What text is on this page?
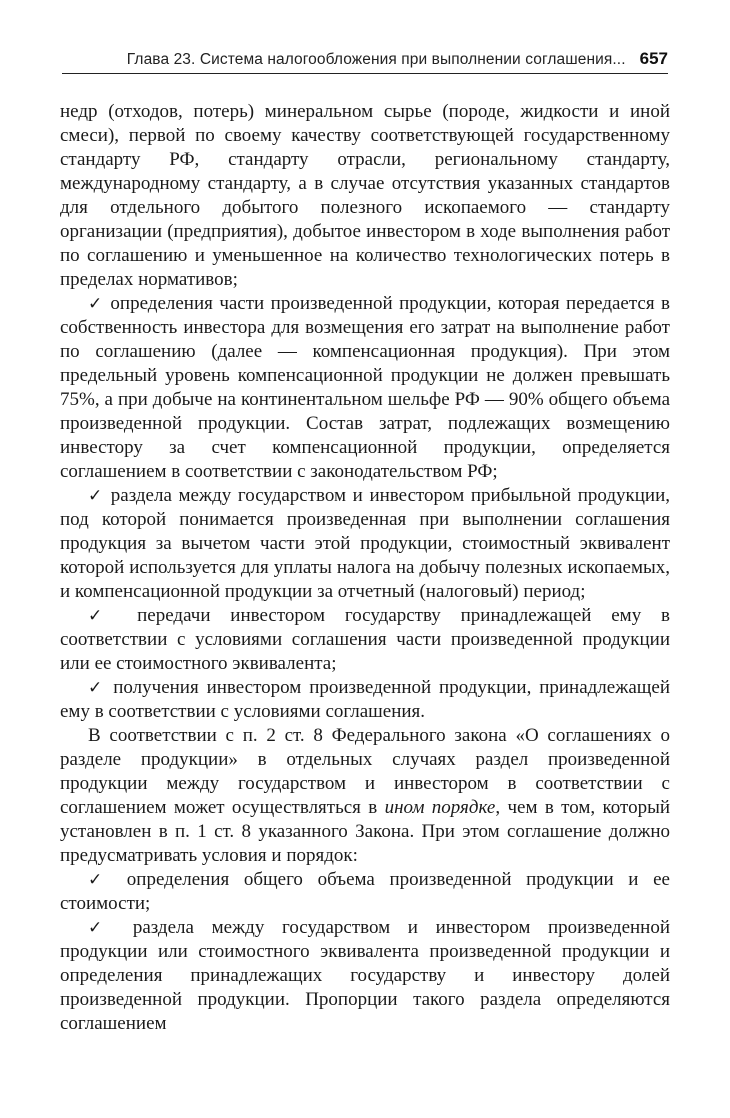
Глава 23. Система налогообложения при выполнении соглашения... 657

недр (отходов, потерь) минеральном сырье (породе, жидкости и иной смеси), первой по своему качеству соответствующей государственному стандарту РФ, стандарту отрасли, региональному стандарту, международному стандарту, а в случае отсутствия указанных стандартов для отдельного добытого полезного ископаемого — стандарту организации (предприятия), добытое инвестором в ходе выполнения работ по соглашению и уменьшенное на количество технологических потерь в пределах нормативов;

✓ определения части произведенной продукции, которая передается в собственность инвестора для возмещения его затрат на выполнение работ по соглашению (далее — компенсационная продукция). При этом предельный уровень компенсационной продукции не должен превышать 75%, а при добыче на континентальном шельфе РФ — 90% общего объема произведенной продукции. Состав затрат, подлежащих возмещению инвестору за счет компенсационной продукции, определяется соглашением в соответствии с законодательством РФ;

✓ раздела между государством и инвестором прибыльной продукции, под которой понимается произведенная при выполнении соглашения продукция за вычетом части этой продукции, стоимостный эквивалент которой используется для уплаты налога на добычу полезных ископаемых, и компенсационной продукции за отчетный (налоговый) период;

✓ передачи инвестором государству принадлежащей ему в соответствии с условиями соглашения части произведенной продукции или ее стоимостного эквивалента;

✓ получения инвестором произведенной продукции, принадлежащей ему в соответствии с условиями соглашения.

В соответствии с п. 2 ст. 8 Федерального закона «О соглашениях о разделе продукции» в отдельных случаях раздел произведенной продукции между государством и инвестором в соответствии с соглашением может осуществляться в ином порядке, чем в том, который установлен в п. 1 ст. 8 указанного Закона. При этом соглашение должно предусматривать условия и порядок:

✓ определения общего объема произведенной продукции и ее стоимости;

✓ раздела между государством и инвестором произведенной продукции или стоимостного эквивалента произведенной продукции и определения принадлежащих государству и инвестору долей произведенной продукции. Пропорции такого раздела определяются соглашением
